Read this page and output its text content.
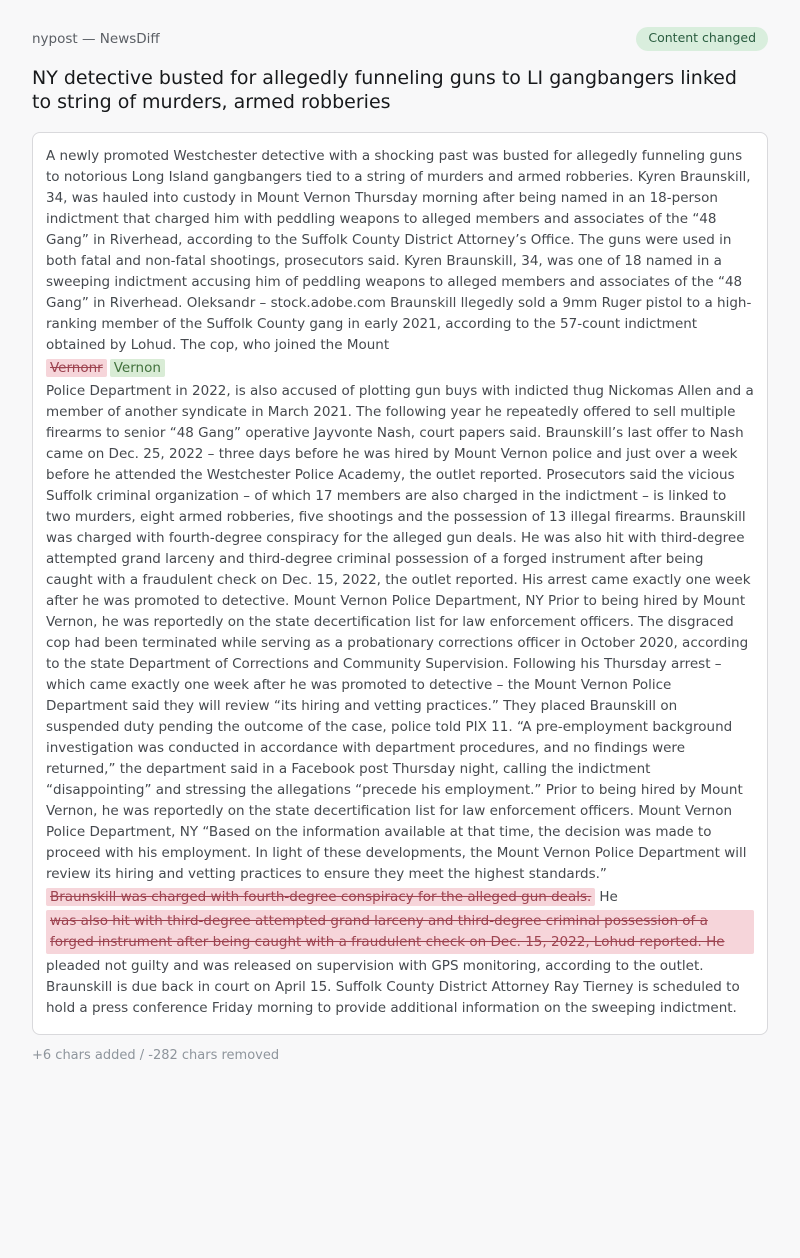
nypost — NewsDiff	Content changed
NY detective busted for allegedly funneling guns to LI gangbangers linked to string of murders, armed robberies

A newly promoted Westchester detective with a shocking past was busted for allegedly funneling guns to notorious Long Island gangbangers tied to a string of murders and armed robberies. Kyren Braunskill, 34, was hauled into custody in Mount Vernon Thursday morning after being named in an 18-person indictment that charged him with peddling weapons to alleged members and associates of the “48 Gang” in Riverhead, according to the Suffolk County District Attorney’s Office. The guns were used in both fatal and non-fatal shootings, prosecutors said. Kyren Braunskill, 34, was one of 18 named in a sweeping indictment accusing him of peddling weapons to alleged members and associates of the “48 Gang” in Riverhead. Oleksandr – stock.adobe.com Braunskill llegedly sold a 9mm Ruger pistol to a high-ranking member of the Suffolk County gang in early 2021, according to the 57-count indictment obtained by Lohud. The cop, who joined the Mount

Vernonr Vernon

Police Department in 2022, is also accused of plotting gun buys with indicted thug Nickomas Allen and a member of another syndicate in March 2021. The following year he repeatedly offered to sell multiple firearms to senior “48 Gang” operative Jayvonte Nash, court papers said. Braunskill’s last offer to Nash came on Dec. 25, 2022 – three days before he was hired by Mount Vernon police and just over a week before he attended the Westchester Police Academy, the outlet reported. Prosecutors said the vicious Suffolk criminal organization – of which 17 members are also charged in the indictment – is linked to two murders, eight armed robberies, five shootings and the possession of 13 illegal firearms. Braunskill was charged with fourth-degree conspiracy for the alleged gun deals. He was also hit with third-degree attempted grand larceny and third-degree criminal possession of a forged instrument after being caught with a fraudulent check on Dec. 15, 2022, the outlet reported. His arrest came exactly one week after he was promoted to detective. Mount Vernon Police Department, NY Prior to being hired by Mount Vernon, he was reportedly on the state decertification list for law enforcement officers. The disgraced cop had been terminated while serving as a probationary corrections officer in October 2020, according to the state Department of Corrections and Community Supervision. Following his Thursday arrest – which came exactly one week after he was promoted to detective – the Mount Vernon Police Department said they will review “its hiring and vetting practices.” They placed Braunskill on suspended duty pending the outcome of the case, police told PIX 11. “A pre-employment background investigation was conducted in accordance with department procedures, and no findings were returned,” the department said in a Facebook post Thursday night, calling the indictment “disappointing” and stressing the allegations “precede his employment.” Prior to being hired by Mount Vernon, he was reportedly on the state decertification list for law enforcement officers. Mount Vernon Police Department, NY “Based on the information available at that time, the decision was made to proceed with his employment. In light of these developments, the Mount Vernon Police Department will review its hiring and vetting practices to ensure they meet the highest standards.”

Braunskill was charged with fourth-degree conspiracy for the alleged gun deals. He
was also hit with third-degree attempted grand larceny and third-degree criminal possession of a forged instrument after being caught with a fraudulent check on Dec. 15, 2022, Lohud reported. He

pleaded not guilty and was released on supervision with GPS monitoring, according to the outlet. Braunskill is due back in court on April 15. Suffolk County District Attorney Ray Tierney is scheduled to hold a press conference Friday morning to provide additional information on the sweeping indictment.

+6 chars added / -282 chars removed
